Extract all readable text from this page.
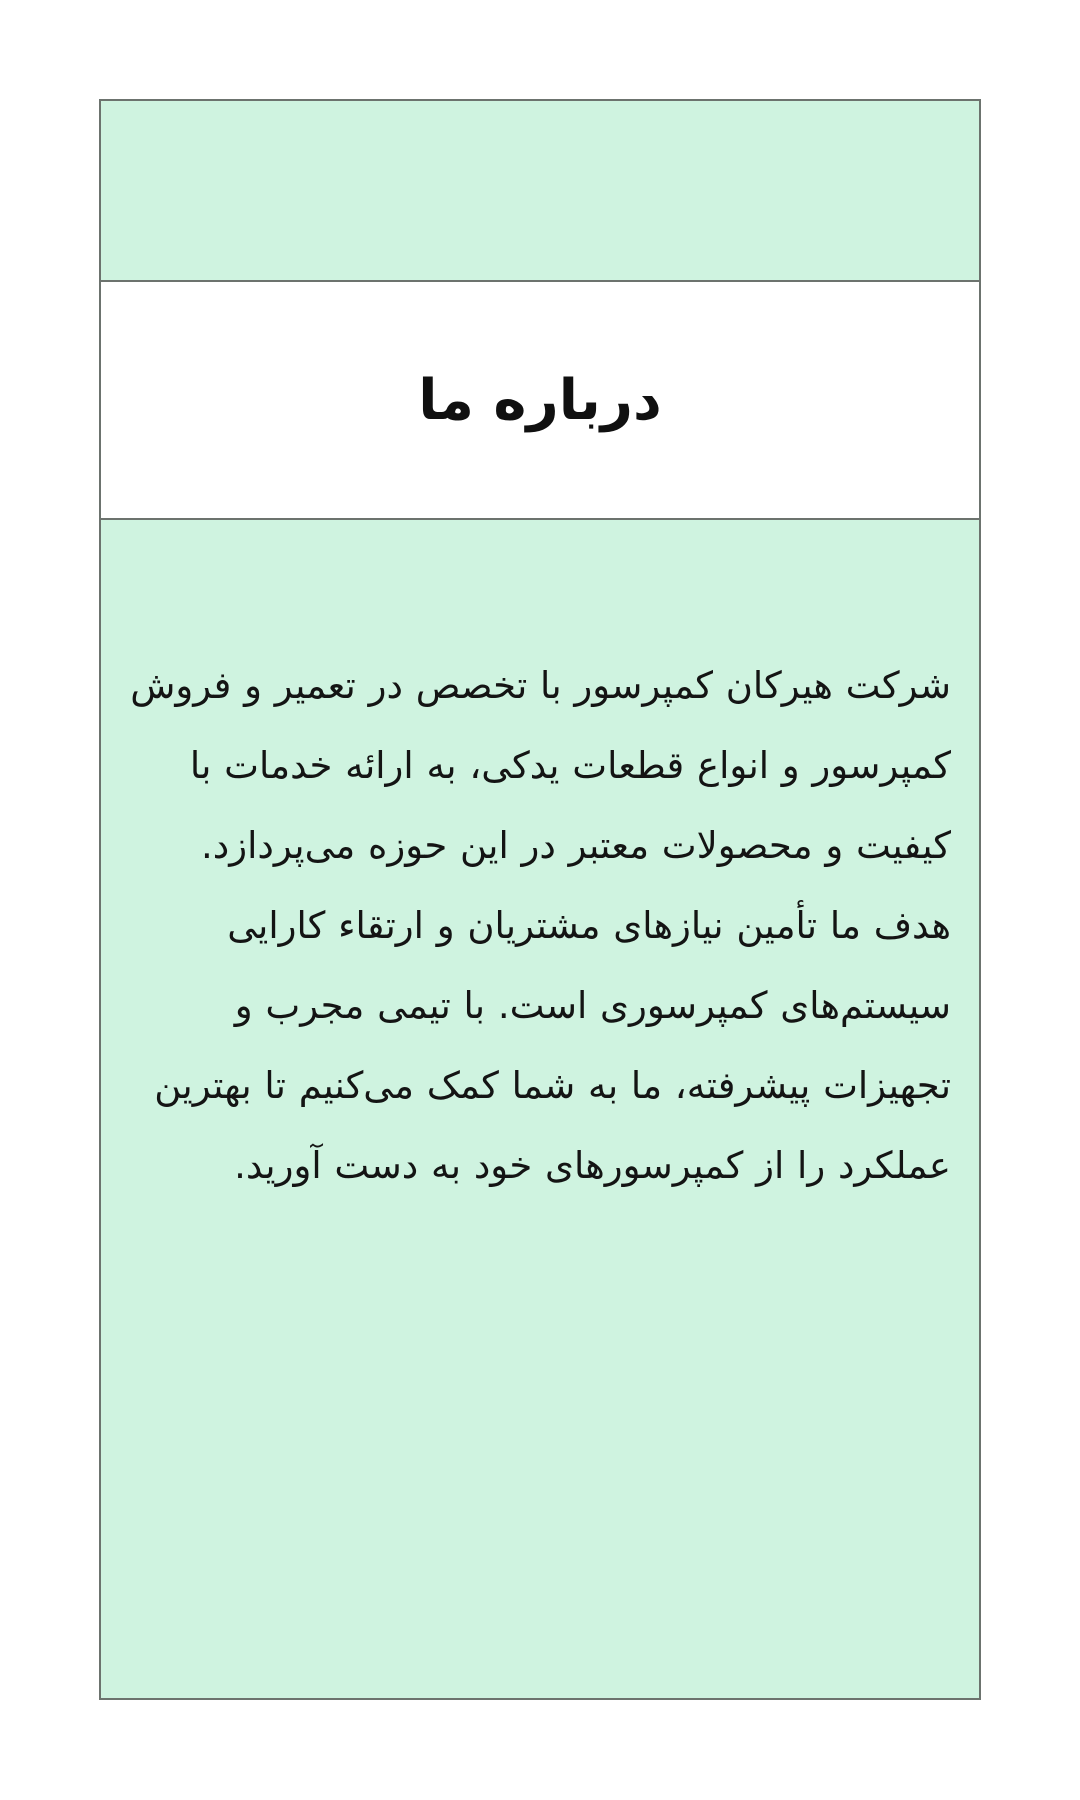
درباره ما

شرکت هیرکان کمپرسور با تخصص در تعمیر و فروش کمپرسور و انواع قطعات یدکی، به ارائه خدمات با کیفیت و محصولات معتبر در این حوزه می‌پردازد. هدف ما تأمین نیازهای مشتریان و ارتقاء کارایی سیستم‌های کمپرسوری است. با تیمی مجرب و تجهیزات پیشرفته، ما به شما کمک می‌کنیم تا بهترین عملکرد را از کمپرسورهای خود به دست آورید.
